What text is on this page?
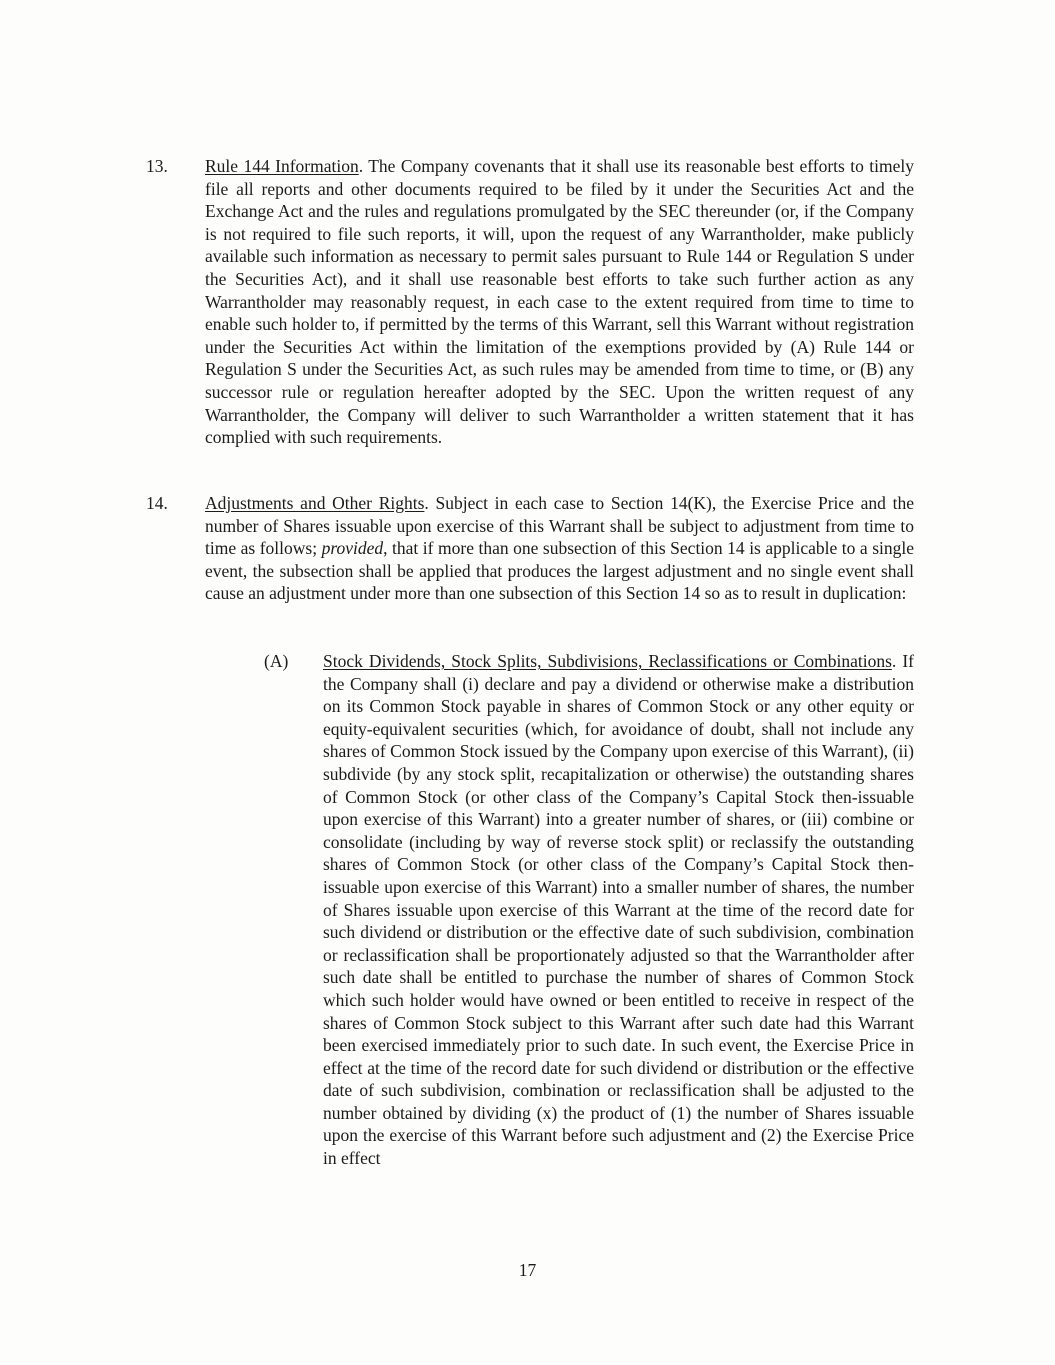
13. Rule 144 Information. The Company covenants that it shall use its reasonable best efforts to timely file all reports and other documents required to be filed by it under the Securities Act and the Exchange Act and the rules and regulations promulgated by the SEC thereunder (or, if the Company is not required to file such reports, it will, upon the request of any Warrantholder, make publicly available such information as necessary to permit sales pursuant to Rule 144 or Regulation S under the Securities Act), and it shall use reasonable best efforts to take such further action as any Warrantholder may reasonably request, in each case to the extent required from time to time to enable such holder to, if permitted by the terms of this Warrant, sell this Warrant without registration under the Securities Act within the limitation of the exemptions provided by (A) Rule 144 or Regulation S under the Securities Act, as such rules may be amended from time to time, or (B) any successor rule or regulation hereafter adopted by the SEC. Upon the written request of any Warrantholder, the Company will deliver to such Warrantholder a written statement that it has complied with such requirements.
14. Adjustments and Other Rights. Subject in each case to Section 14(K), the Exercise Price and the number of Shares issuable upon exercise of this Warrant shall be subject to adjustment from time to time as follows; provided, that if more than one subsection of this Section 14 is applicable to a single event, the subsection shall be applied that produces the largest adjustment and no single event shall cause an adjustment under more than one subsection of this Section 14 so as to result in duplication:
(A) Stock Dividends, Stock Splits, Subdivisions, Reclassifications or Combinations. If the Company shall (i) declare and pay a dividend or otherwise make a distribution on its Common Stock payable in shares of Common Stock or any other equity or equity-equivalent securities (which, for avoidance of doubt, shall not include any shares of Common Stock issued by the Company upon exercise of this Warrant), (ii) subdivide (by any stock split, recapitalization or otherwise) the outstanding shares of Common Stock (or other class of the Company’s Capital Stock then-issuable upon exercise of this Warrant) into a greater number of shares, or (iii) combine or consolidate (including by way of reverse stock split) or reclassify the outstanding shares of Common Stock (or other class of the Company’s Capital Stock then-issuable upon exercise of this Warrant) into a smaller number of shares, the number of Shares issuable upon exercise of this Warrant at the time of the record date for such dividend or distribution or the effective date of such subdivision, combination or reclassification shall be proportionately adjusted so that the Warrantholder after such date shall be entitled to purchase the number of shares of Common Stock which such holder would have owned or been entitled to receive in respect of the shares of Common Stock subject to this Warrant after such date had this Warrant been exercised immediately prior to such date. In such event, the Exercise Price in effect at the time of the record date for such dividend or distribution or the effective date of such subdivision, combination or reclassification shall be adjusted to the number obtained by dividing (x) the product of (1) the number of Shares issuable upon the exercise of this Warrant before such adjustment and (2) the Exercise Price in effect
17
